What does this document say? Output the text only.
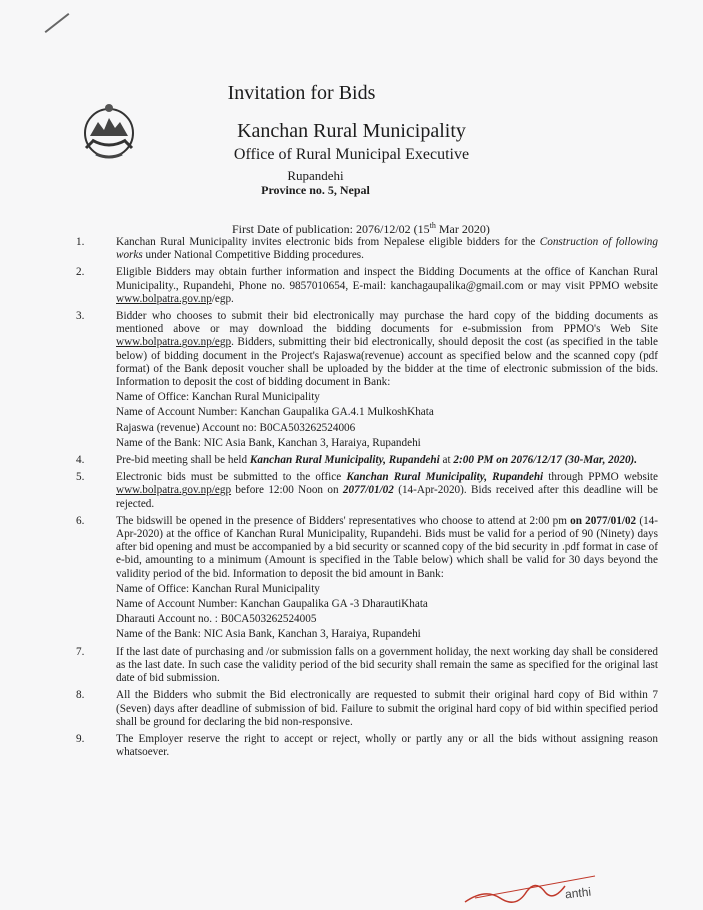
Invitation for Bids
Kanchan Rural Municipality
Office of Rural Municipal Executive
Rupandehi
Province no. 5, Nepal
First Date of publication: 2076/12/02 (15th Mar 2020)
1.	Kanchan Rural Municipality invites electronic bids from Nepalese eligible bidders for the Construction of following works under National Competitive Bidding procedures.
2.	Eligible Bidders may obtain further information and inspect the Bidding Documents at the office of Kanchan Rural Municipality., Rupandehi, Phone no. 9857010654, E-mail: kanchagaupalika@gmail.com or may visit PPMO website www.bolpatra.gov.np/egp.
3.	Bidder who chooses to submit their bid electronically may purchase the hard copy of the bidding documents as mentioned above or may download the bidding documents for e-submission from PPMO's Web Site www.bolpatra.gov.np/egp. Bidders, submitting their bid electronically, should deposit the cost (as specified in the table below) of bidding document in the Project's Rajaswa(revenue) account as specified below and the scanned copy (pdf format) of the Bank deposit voucher shall be uploaded by the bidder at the time of electronic submission of the bids. Information to deposit the cost of bidding document in Bank:
Name of Office: Kanchan Rural Municipality
Name of Account Number: Kanchan Gaupalika GA.4.1 MulkoshKhata
Rajaswa (revenue) Account no: B0CA503262524006
Name of the Bank: NIC Asia Bank, Kanchan 3, Haraiya, Rupandehi
4.	Pre-bid meeting shall be held Kanchan Rural Municipality, Rupandehi at 2:00 PM on 2076/12/17 (30-Mar, 2020).
5.	Electronic bids must be submitted to the office Kanchan Rural Municipality, Rupandehi through PPMO website www.bolpatra.gov.np/egp before 12:00 Noon on 2077/01/02 (14-Apr-2020). Bids received after this deadline will be rejected.
6.	The bidswill be opened in the presence of Bidders' representatives who choose to attend at 2:00 pm on 2077/01/02 (14-Apr-2020) at the office of Kanchan Rural Municipality, Rupandehi. Bids must be valid for a period of 90 (Ninety) days after bid opening and must be accompanied by a bid security or scanned copy of the bid security in .pdf format in case of e-bid, amounting to a minimum (Amount is specified in the Table below) which shall be valid for 30 days beyond the validity period of the bid. Information to deposit the bid amount in Bank:
Name of Office: Kanchan Rural Municipality
Name of Account Number: Kanchan Gaupalika GA -3 DharautiKhata
Dharauti Account no. : B0CA503262524005
Name of the Bank: NIC Asia Bank, Kanchan 3, Haraiya, Rupandehi
7.	If the last date of purchasing and /or submission falls on a government holiday, the next working day shall be considered as the last date. In such case the validity period of the bid security shall remain the same as specified for the original last date of bid submission.
8.	All the Bidders who submit the Bid electronically are requested to submit their original hard copy of Bid within 7 (Seven) days after deadline of submission of bid. Failure to submit the original hard copy of bid within specified period shall be ground for declaring the bid non-responsive.
9.	The Employer reserve the right to accept or reject, wholly or partly any or all the bids without assigning reason whatsoever.
anthi
